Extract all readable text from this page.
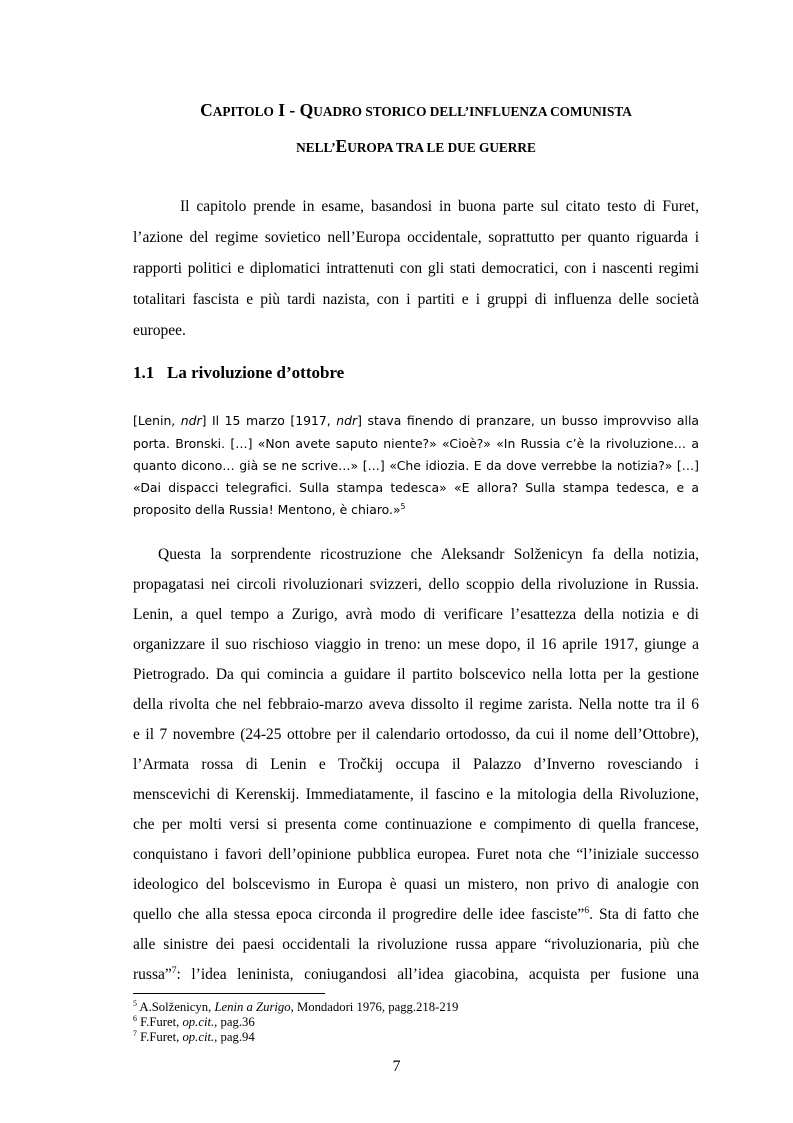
CAPITOLO I - QUADRO STORICO DELL’INFLUENZA COMUNISTA
NELL’EUROPA TRA LE DUE GUERRE
Il capitolo prende in esame, basandosi in buona parte sul citato testo di Furet,
l’azione del regime sovietico nell’Europa occidentale, soprattutto per quanto riguarda i
rapporti politici e diplomatici intrattenuti con gli stati democratici, con i nascenti regimi
totalitari fascista e più tardi nazista, con i partiti e i gruppi di influenza delle società
europee.
1.1 La rivoluzione d’ottobre
[Lenin, ndr] Il 15 marzo [1917, ndr] stava finendo di pranzare, un busso improvviso alla
porta. Bronski. […] «Non avete saputo niente?» «Cioè?» «In Russia c’è la rivoluzione… a
quanto dicono… già se ne scrive…» […] «Che idiozia. E da dove verrebbe la notizia?» […]
«Dai dispacci telegrafici. Sulla stampa tedesca» «E allora? Sulla stampa tedesca, e a
proposito della Russia! Mentono, è chiaro.»$^5$
Questa la sorprendente ricostruzione che Aleksandr Solženicyn fa della notizia,
propagatasi nei circoli rivoluzionari svizzeri, dello scoppio della rivoluzione in Russia.
Lenin, a quel tempo a Zurigo, avrà modo di verificare l’esattezza della notizia e di
organizzare il suo rischioso viaggio in treno: un mese dopo, il 16 aprile 1917, giunge a
Pietrogrado. Da qui comincia a guidare il partito bolscevico nella lotta per la gestione
della rivolta che nel febbraio-marzo aveva dissolto il regime zarista. Nella notte tra il 6
e il 7 novembre (24-25 ottobre per il calendario ortodosso, da cui il nome dell’Ottobre),
l’Armata rossa di Lenin e Tročkij occupa il Palazzo d’Inverno rovesciando i
menscevichi di Kerenskij. Immediatamente, il fascino e la mitologia della Rivoluzione,
che per molti versi si presenta come continuazione e compimento di quella francese,
conquistano i favori dell’opinione pubblica europea. Furet nota che “l’iniziale successo
ideologico del bolscevismo in Europa è quasi un mistero, non privo di analogie con
quello che alla stessa epoca circonda il progredire delle idee fasciste”$^6$. Sta di fatto che
alle sinistre dei paesi occidentali la rivoluzione russa appare “rivoluzionaria, più che
russa”$^7$: l’idea leninista, coniugandosi all’idea giacobina, acquista per fusione una
$^5$ A.Solženicyn, Lenin a Zurigo, Mondadori 1976, pagg.218-219
$^6$ F.Furet, op.cit., pag.36
$^7$ F.Furet, op.cit., pag.94
7
